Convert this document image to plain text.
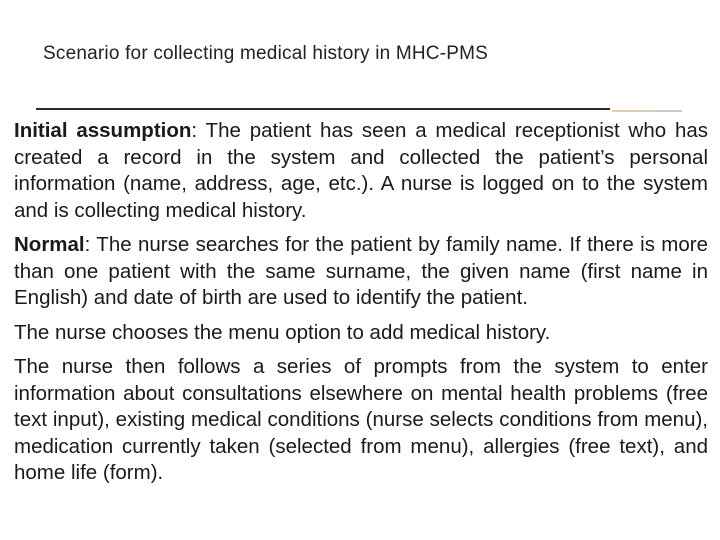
Scenario for collecting medical history in MHC-PMS

Initial assumption: The patient has seen a medical receptionist who has created a record in the system and collected the patient’s personal information (name, address, age, etc.). A nurse is logged on to the system and is collecting medical history.

Normal: The nurse searches for the patient by family name. If there is more than one patient with the same surname, the given name (first name in English) and date of birth are used to identify the patient.

The nurse chooses the menu option to add medical history.

The nurse then follows a series of prompts from the system to enter information about consultations elsewhere on mental health problems (free text input), existing medical conditions (nurse selects conditions from menu), medication currently taken (selected from menu), allergies (free text), and home life (form).
